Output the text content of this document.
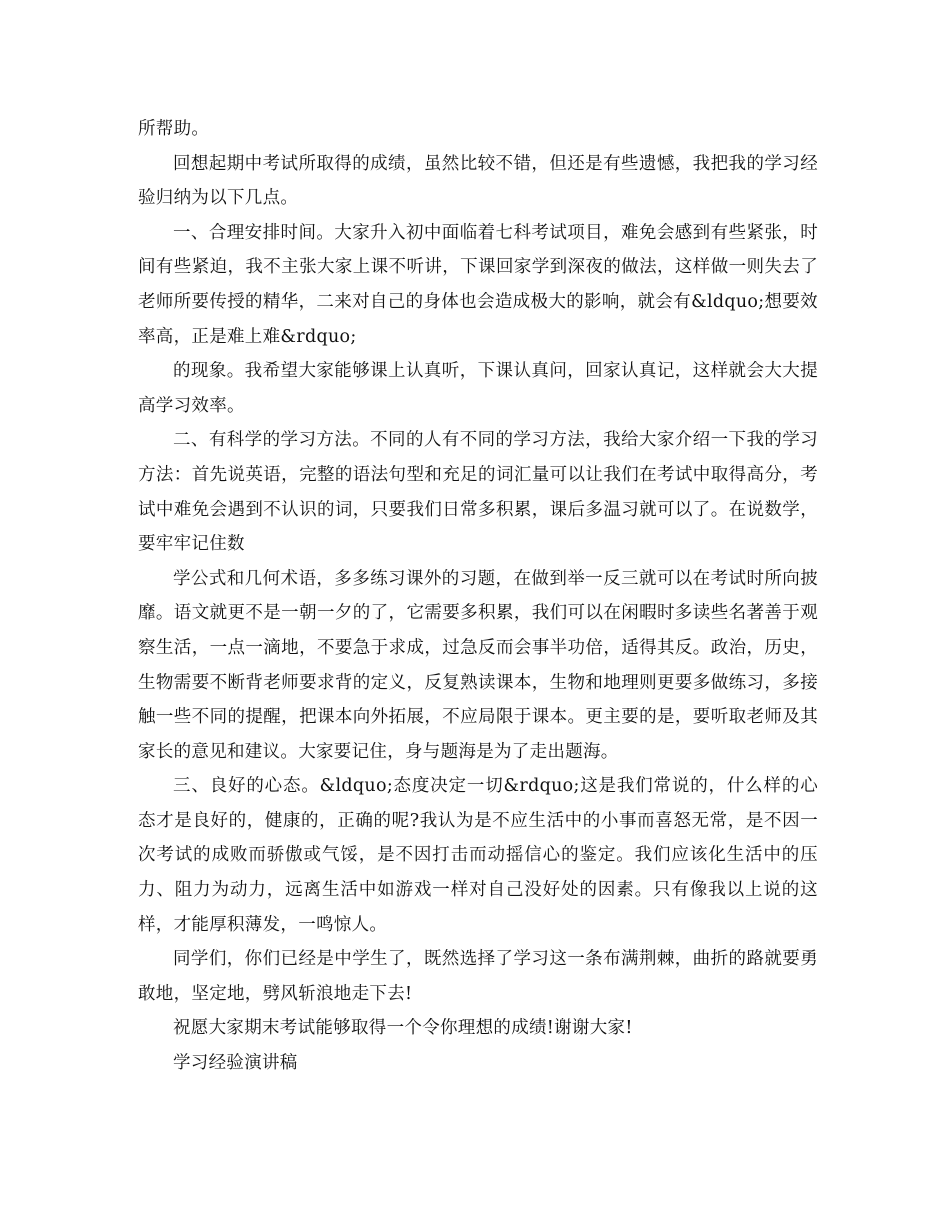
所帮助。

回想起期中考试所取得的成绩，虽然比较不错，但还是有些遗憾，我把我的学习经验归纳为以下几点。

一、合理安排时间。大家升入初中面临着七科考试项目，难免会感到有些紧张，时间有些紧迫，我不主张大家上课不听讲，下课回家学到深夜的做法，这样做一则失去了老师所要传授的精华，二来对自己的身体也会造成极大的影响，就会有&ldquo;想要效率高，正是难上难&rdquo;

的现象。我希望大家能够课上认真听，下课认真问，回家认真记，这样就会大大提高学习效率。

二、有科学的学习方法。不同的人有不同的学习方法，我给大家介绍一下我的学习方法：首先说英语，完整的语法句型和充足的词汇量可以让我们在考试中取得高分，考试中难免会遇到不认识的词，只要我们日常多积累，课后多温习就可以了。在说数学，要牢牢记住数

学公式和几何术语，多多练习课外的习题，在做到举一反三就可以在考试时所向披靡。语文就更不是一朝一夕的了，它需要多积累，我们可以在闲暇时多读些名著善于观察生活，一点一滴地，不要急于求成，过急反而会事半功倍，适得其反。政治，历史，生物需要不断背老师要求背的定义，反复熟读课本，生物和地理则更要多做练习，多接触一些不同的提醒，把课本向外拓展，不应局限于课本。更主要的是，要听取老师及其家长的意见和建议。大家要记住，身与题海是为了走出题海。

三、良好的心态。&ldquo;态度决定一切&rdquo;这是我们常说的，什么样的心态才是良好的，健康的，正确的呢?我认为是不应生活中的小事而喜怒无常，是不因一次考试的成败而骄傲或气馁，是不因打击而动摇信心的鉴定。我们应该化生活中的压力、阻力为动力，远离生活中如游戏一样对自己没好处的因素。只有像我以上说的这样，才能厚积薄发，一鸣惊人。

同学们，你们已经是中学生了，既然选择了学习这一条布满荆棘，曲折的路就要勇敢地，坚定地，劈风斩浪地走下去!

祝愿大家期末考试能够取得一个令你理想的成绩!谢谢大家!

学习经验演讲稿
